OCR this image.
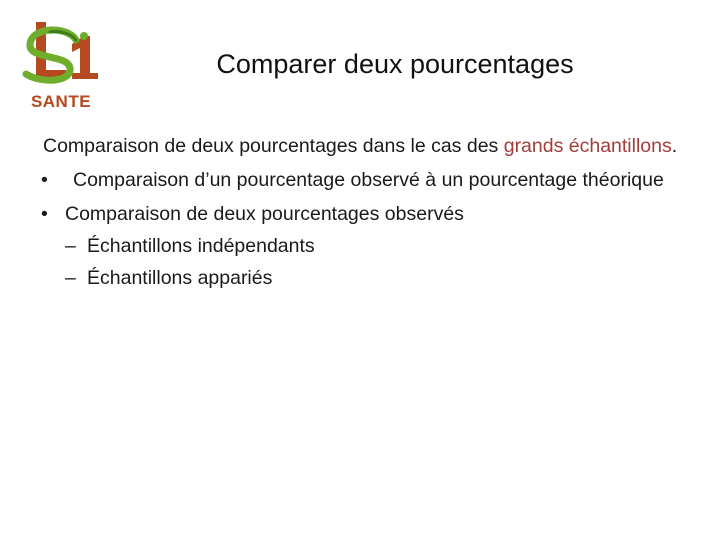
SANTE
Comparer deux pourcentages

Comparaison de deux pourcentages dans le cas des grands échantillons.

•	Comparaison d’un pourcentage observé à un pourcentage théorique
• Comparaison de deux pourcentages observés
– Échantillons indépendants
– Échantillons appariés
